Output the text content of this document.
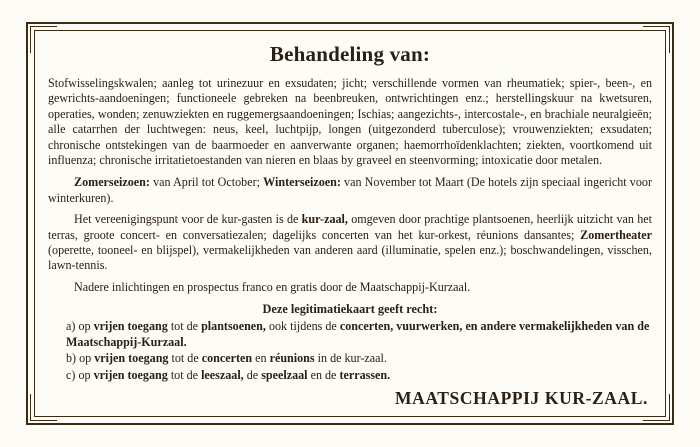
Behandeling van:

Stofwisselingskwalen; aanleg tot urinezuur en exsudaten; jicht; verschillende vormen van rheumatiek; spier-, been-, en gewrichts-aandoeningen; functioneele gebreken na beenbreuken, ontwrichtingen enz.; herstellingskuur na kwetsuren, operaties, wonden; zenuwziekten en ruggemergsaandoeningen; Ischias; aangezichts-, intercostale-, en brachiale neuralgieën; alle catarrhen der luchtwegen: neus, keel, luchtpijp, longen (uitgezonderd tuberculose); vrouwenziekten; exsudaten; chronische ontstekingen van de baarmoeder en aanverwante organen; haemorrhoïdenklachten; ziekten, voortkomend uit influenza; chronische irritatietoestanden van nieren en blaas by graveel en steenvorming; intoxicatie door metalen.

Zomerseizoen: van April tot October; Winterseizoen: van November tot Maart (De hotels zijn speciaal ingericht voor winterkuren).

Het vereenigingspunt voor de kur-gasten is de kur-zaal, omgeven door prachtige plantsoenen, heerlijk uitzicht van het terras, groote concert- en conversatiezalen; dagelijks concerten van het kur-orkest, réunions dansantes; Zomertheater (operette, tooneel- en blijspel), vermakelijkheden van anderen aard (illuminatie, spelen enz.); boschwandelingen, visschen, lawn-tennis.

Nadere inlichtingen en prospectus franco en gratis door de Maatschappij-Kurzaal.

Deze legitimatiekaart geeft recht:
a) op vrijen toegang tot de plantsoenen, ook tijdens de concerten, vuurwerken, en andere vermakelijkheden van de Maatschappij-Kurzaal.
b) op vrijen toegang tot de concerten en réunions in de kur-zaal.
c) op vrijen toegang tot de leeszaal, de speelzaal en de terrassen.
MAATSCHAPPIJ KUR-ZAAL.
